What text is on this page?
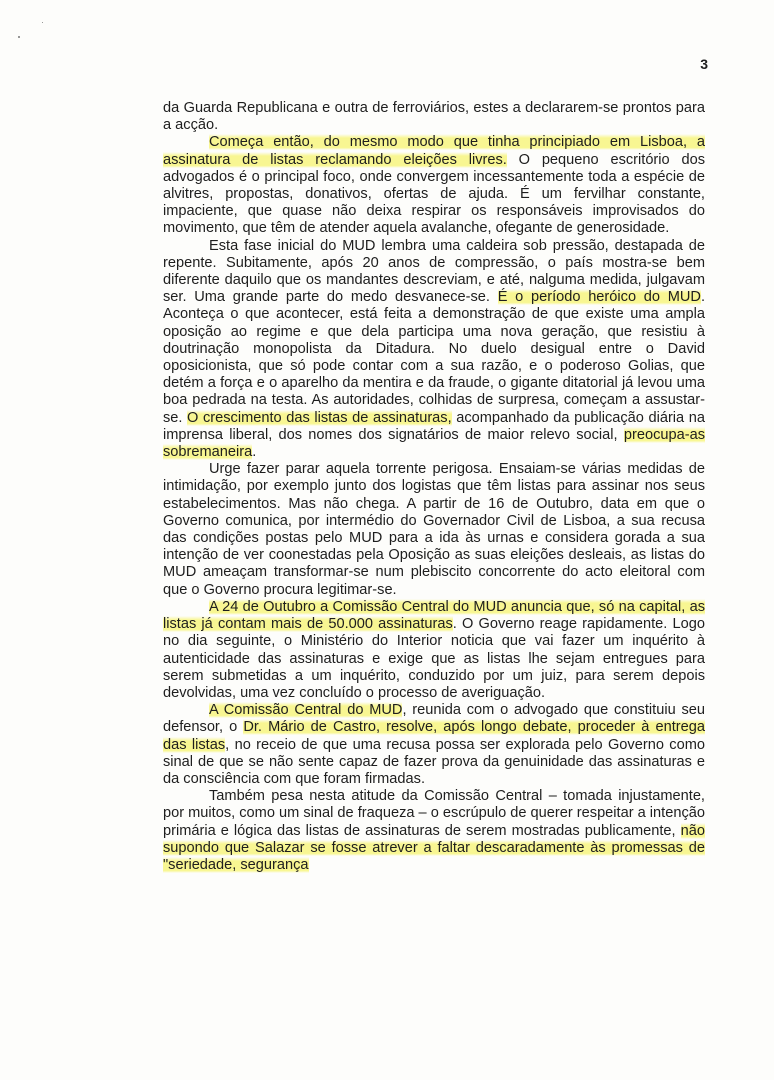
3

da Guarda Republicana e outra de ferroviários, estes a declararem-se prontos para a acção.

Começa então, do mesmo modo que tinha principiado em Lisboa, a assinatura de listas reclamando eleições livres. O pequeno escritório dos advogados é o principal foco, onde convergem incessantemente toda a espécie de alvitres, propostas, donativos, ofertas de ajuda. É um fervilhar constante, impaciente, que quase não deixa respirar os responsáveis improvisados do movimento, que têm de atender aquela avalanche, ofegante de generosidade.

Esta fase inicial do MUD lembra uma caldeira sob pressão, destapada de repente. Subitamente, após 20 anos de compressão, o país mostra-se bem diferente daquilo que os mandantes descreviam, e até, nalguma medida, julgavam ser. Uma grande parte do medo desvanece-se. É o período heróico do MUD. Aconteça o que acontecer, está feita a demonstração de que existe uma ampla oposição ao regime e que dela participa uma nova geração, que resistiu à doutrinação monopolista da Ditadura. No duelo desigual entre o David oposicionista, que só pode contar com a sua razão, e o poderoso Golias, que detém a força e o aparelho da mentira e da fraude, o gigante ditatorial já levou uma boa pedrada na testa. As autoridades, colhidas de surpresa, começam a assustar-se. O crescimento das listas de assinaturas, acompanhado da publicação diária na imprensa liberal, dos nomes dos signatários de maior relevo social, preocupa-as sobremaneira.

Urge fazer parar aquela torrente perigosa. Ensaiam-se várias medidas de intimidação, por exemplo junto dos logistas que têm listas para assinar nos seus estabelecimentos. Mas não chega. A partir de 16 de Outubro, data em que o Governo comunica, por intermédio do Governador Civil de Lisboa, a sua recusa das condições postas pelo MUD para a ida às urnas e considera gorada a sua intenção de ver coonestadas pela Oposição as suas eleições desleais, as listas do MUD ameaçam transformar-se num plebiscito concorrente do acto eleitoral com que o Governo procura legitimar-se.

A 24 de Outubro a Comissão Central do MUD anuncia que, só na capital, as listas já contam mais de 50.000 assinaturas. O Governo reage rapidamente. Logo no dia seguinte, o Ministério do Interior noticia que vai fazer um inquérito à autenticidade das assinaturas e exige que as listas lhe sejam entregues para serem submetidas a um inquérito, conduzido por um juiz, para serem depois devolvidas, uma vez concluído o processo de averiguação.

A Comissão Central do MUD, reunida com o advogado que constituiu seu defensor, o Dr. Mário de Castro, resolve, após longo debate, proceder à entrega das listas, no receio de que uma recusa possa ser explorada pelo Governo como sinal de que se não sente capaz de fazer prova da genuinidade das assinaturas e da consciência com que foram firmadas.

Também pesa nesta atitude da Comissão Central – tomada injustamente, por muitos, como um sinal de fraqueza – o escrúpulo de querer respeitar a intenção primária e lógica das listas de assinaturas de serem mostradas publicamente, não supondo que Salazar se fosse atrever a faltar descaradamente às promessas de "seriedade, segurança
